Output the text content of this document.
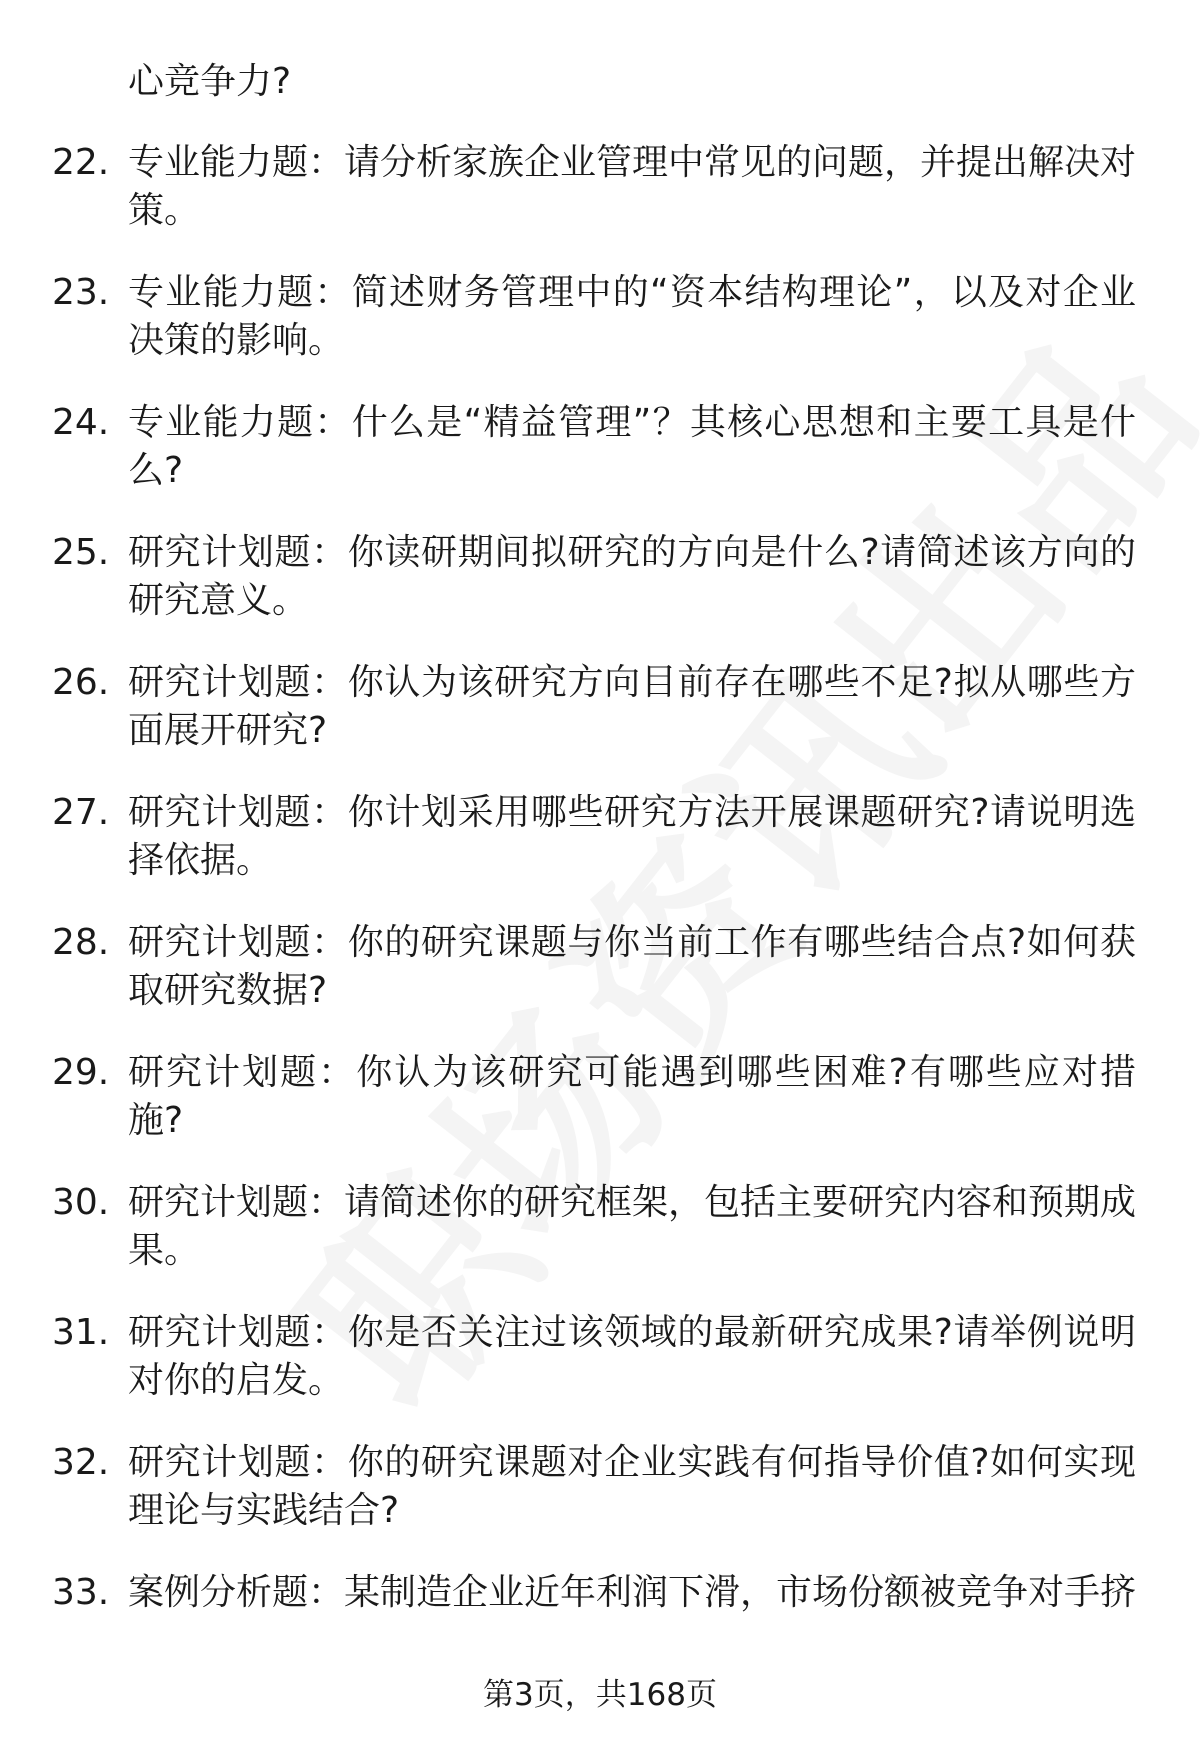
心竞争力?

22. 专业能力题：请分析家族企业管理中常见的问题，并提出解决对策。
23. 专业能力题：简述财务管理中的“资本结构理论”，以及对企业决策的影响。
24. 专业能力题：什么是“精益管理”？其核心思想和主要工具是什么?
25. 研究计划题：你读研期间拟研究的方向是什么?请简述该方向的研究意义。
26. 研究计划题：你认为该研究方向目前存在哪些不足?拟从哪些方面展开研究?
27. 研究计划题：你计划采用哪些研究方法开展课题研究?请说明选择依据。
28. 研究计划题：你的研究课题与你当前工作有哪些结合点?如何获取研究数据?
29. 研究计划题：你认为该研究可能遇到哪些困难?有哪些应对措施?
30. 研究计划题：请简述你的研究框架，包括主要研究内容和预期成果。
31. 研究计划题：你是否关注过该领域的最新研究成果?请举例说明对你的启发。
32. 研究计划题：你的研究课题对企业实践有何指导价值?如何实现理论与实践结合?
33. 案例分析题：某制造企业近年利润下滑，市场份额被竞争对手挤
第3页，共168页
